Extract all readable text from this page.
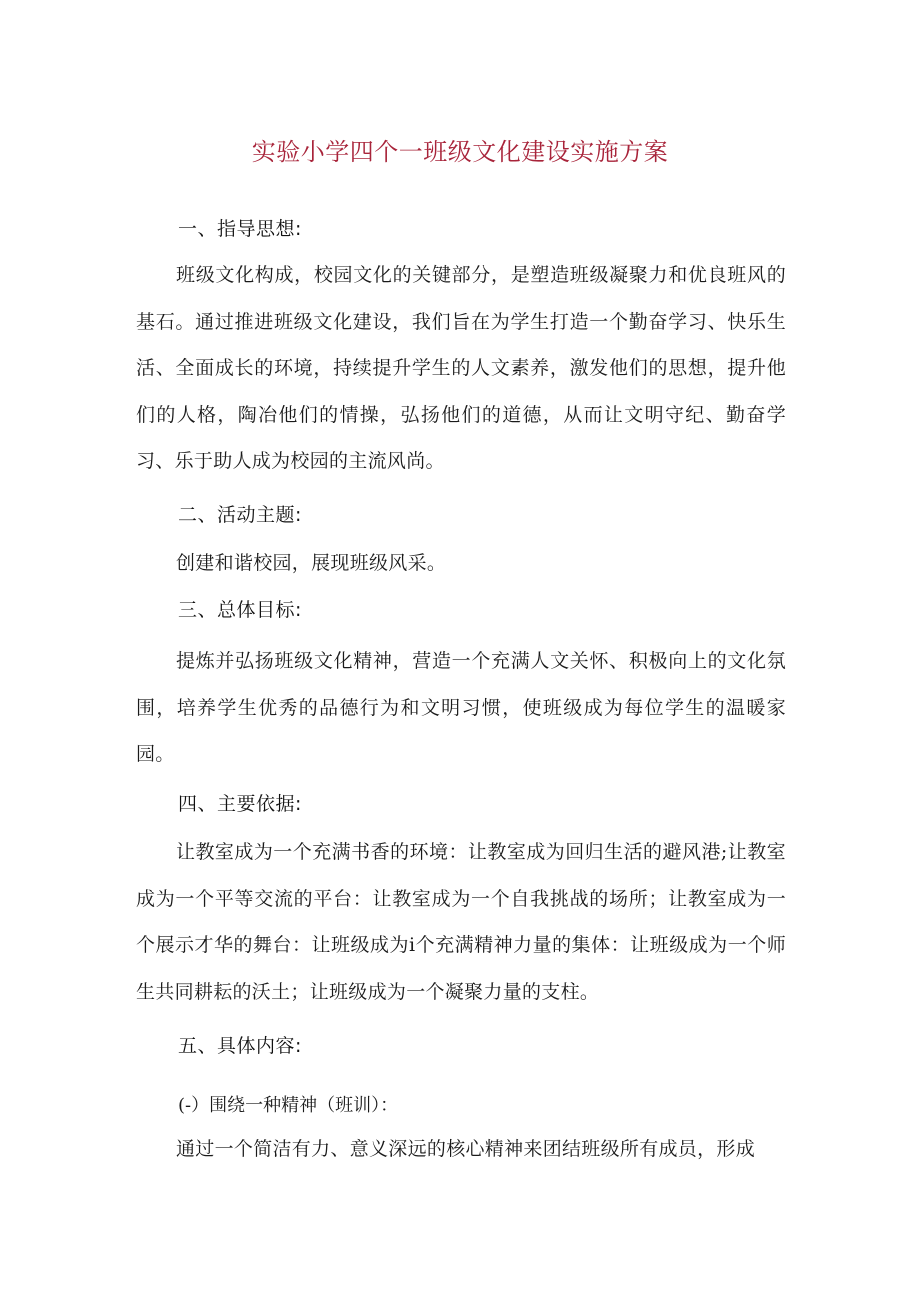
实验小学四个一班级文化建设实施方案
一、指导思想:
班级文化构成，校园文化的关键部分，是塑造班级凝聚力和优良班风的基石。通过推进班级文化建设，我们旨在为学生打造一个勤奋学习、快乐生活、全面成长的环境，持续提升学生的人文素养，激发他们的思想，提升他们的人格，陶冶他们的情操，弘扬他们的道德，从而让文明守纪、勤奋学习、乐于助人成为校园的主流风尚。
二、活动主题:
创建和谐校园，展现班级风采。
三、总体目标:
提炼并弘扬班级文化精神，营造一个充满人文关怀、积极向上的文化氛围，培养学生优秀的品德行为和文明习惯，使班级成为每位学生的温暖家园。
四、主要依据:
让教室成为一个充满书香的环境：让教室成为回归生活的避风港;让教室成为一个平等交流的平台：让教室成为一个自我挑战的场所；让教室成为一个展示才华的舞台：让班级成为i个充满精神力量的集体：让班级成为一个师生共同耕耘的沃土；让班级成为一个凝聚力量的支柱。
五、具体内容:
(-）围绕一种精神（班训）：
通过一个简洁有力、意义深远的核心精神来团结班级所有成员，形成
